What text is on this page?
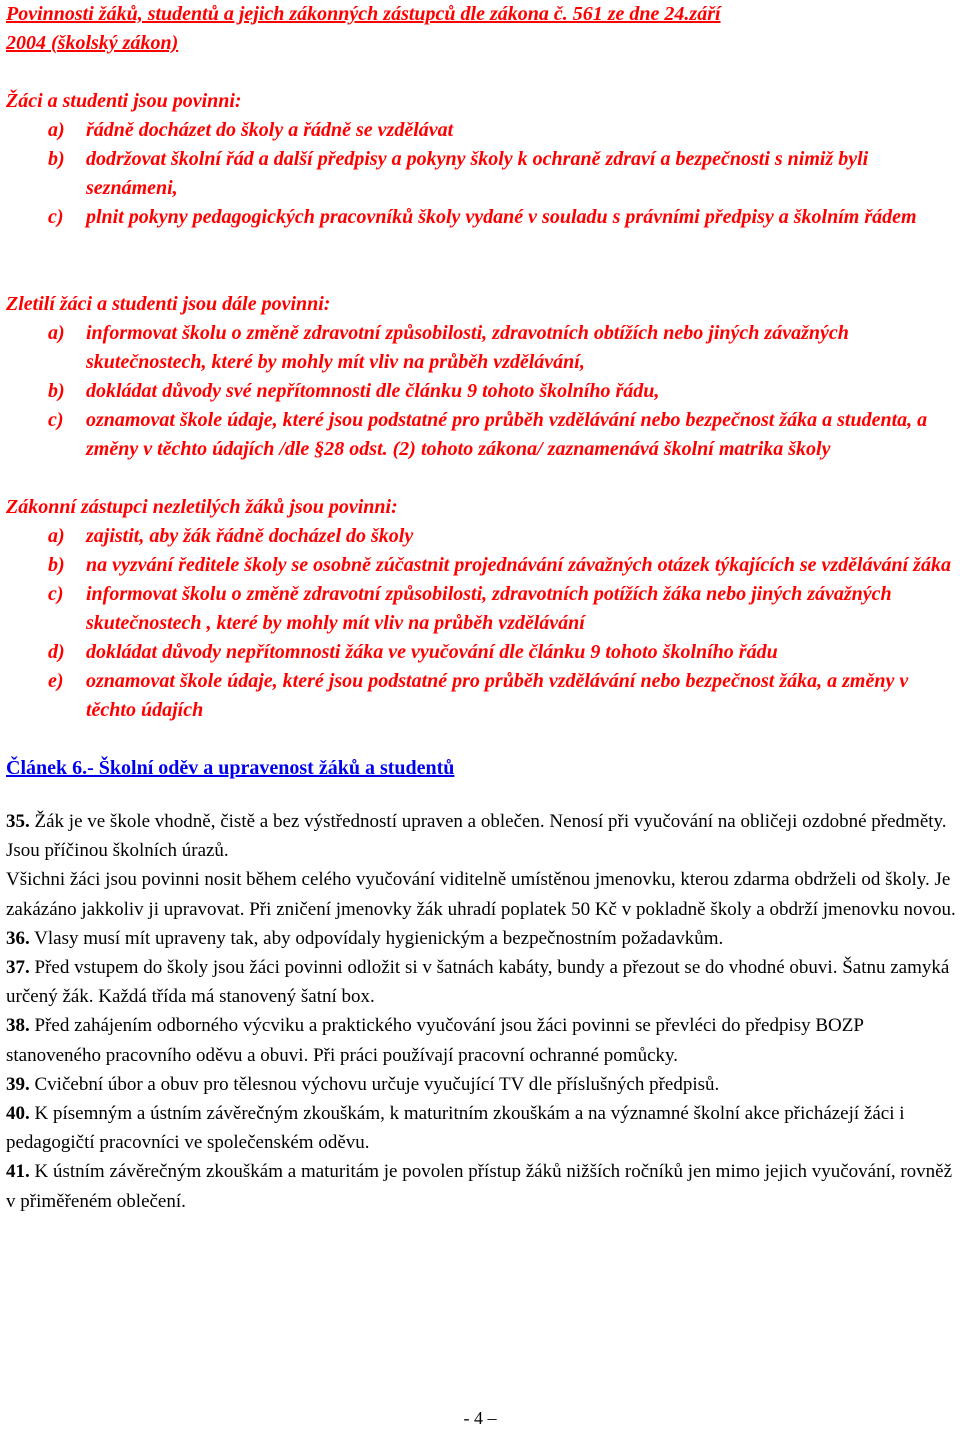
Povinnosti žáků, studentů a jejich zákonných zástupců dle zákona č. 561 ze dne 24.září
2004 (školský zákon)
Žáci a studenti jsou povinni:
a) řádně docházet do školy a řádně se vzdělávat
b) dodržovat školní řád a další předpisy a pokyny školy k ochraně zdraví a bezpečnosti s nimiž byli seznámeni,
c) plnit pokyny pedagogických pracovníků školy vydané v souladu s právními předpisy a školním řádem
Zletilí žáci a studenti jsou dále povinni:
a) informovat školu o změně zdravotní způsobilosti, zdravotních obtížích nebo jiných závažných skutečnostech, které by mohly mít vliv na průběh vzdělávání,
b) dokládat důvody své nepřítomnosti dle článku 9 tohoto školního řádu,
c) oznamovat škole údaje, které jsou podstatné pro průběh vzdělávání nebo bezpečnost žáka a studenta, a změny v těchto údajích /dle §28 odst. (2) tohoto zákona/ zaznamenává školní matrika školy
Zákonní zástupci nezletilých žáků jsou povinni:
a) zajistit, aby žák řádně docházel do školy
b) na vyzvání ředitele školy se osobně zúčastnit projednávání závažných otázek týkajících se vzdělávání žáka
c) informovat školu o změně zdravotní způsobilosti, zdravotních potížích žáka nebo jiných závažných skutečnostech , které by mohly mít vliv na průběh vzdělávání
d) dokládat důvody nepřítomnosti žáka ve vyučování dle článku 9 tohoto školního řádu
e) oznamovat škole údaje, které jsou podstatné pro průběh vzdělávání nebo bezpečnost žáka, a změny v těchto údajích
Článek 6.- Školní oděv a upravenost žáků a studentů

35. Žák je ve škole vhodně, čistě a bez výstředností upraven a oblečen. Nenosí při vyučování na obličeji ozdobné předměty. Jsou příčinou školních úrazů.

Všichni žáci jsou povinni nosit během celého vyučování viditelně umístěnou jmenovku, kterou zdarma obdrželi od školy. Je zakázáno jakkoliv ji upravovat. Při zničení jmenovky žák uhradí poplatek 50 Kč v pokladně školy a obdrží jmenovku novou.

36. Vlasy musí mít upraveny tak, aby odpovídaly hygienickým a bezpečnostním požadavkům.

37. Před vstupem do školy jsou žáci povinni odložit si v šatnách kabáty, bundy a přezout se do vhodné obuvi. Šatnu zamyká určený žák. Každá třída má stanovený šatní box.

38. Před zahájením odborného výcviku a praktického vyučování jsou žáci povinni se převléci do předpisy BOZP stanoveného pracovního oděvu a obuvi. Při práci používají pracovní ochranné pomůcky.

39. Cvičební úbor a obuv pro tělesnou výchovu určuje vyučující TV dle příslušných předpisů.

40. K písemným a ústním závěrečným zkouškám, k maturitním zkouškám a na významné školní akce přicházejí žáci i pedagogičtí pracovníci ve společenském oděvu.

41. K ústním závěrečným zkouškám a maturitám je povolen přístup žáků nižších ročníků jen mimo jejich vyučování, rovněž v přiměřeném oblečení.

- 4 –
